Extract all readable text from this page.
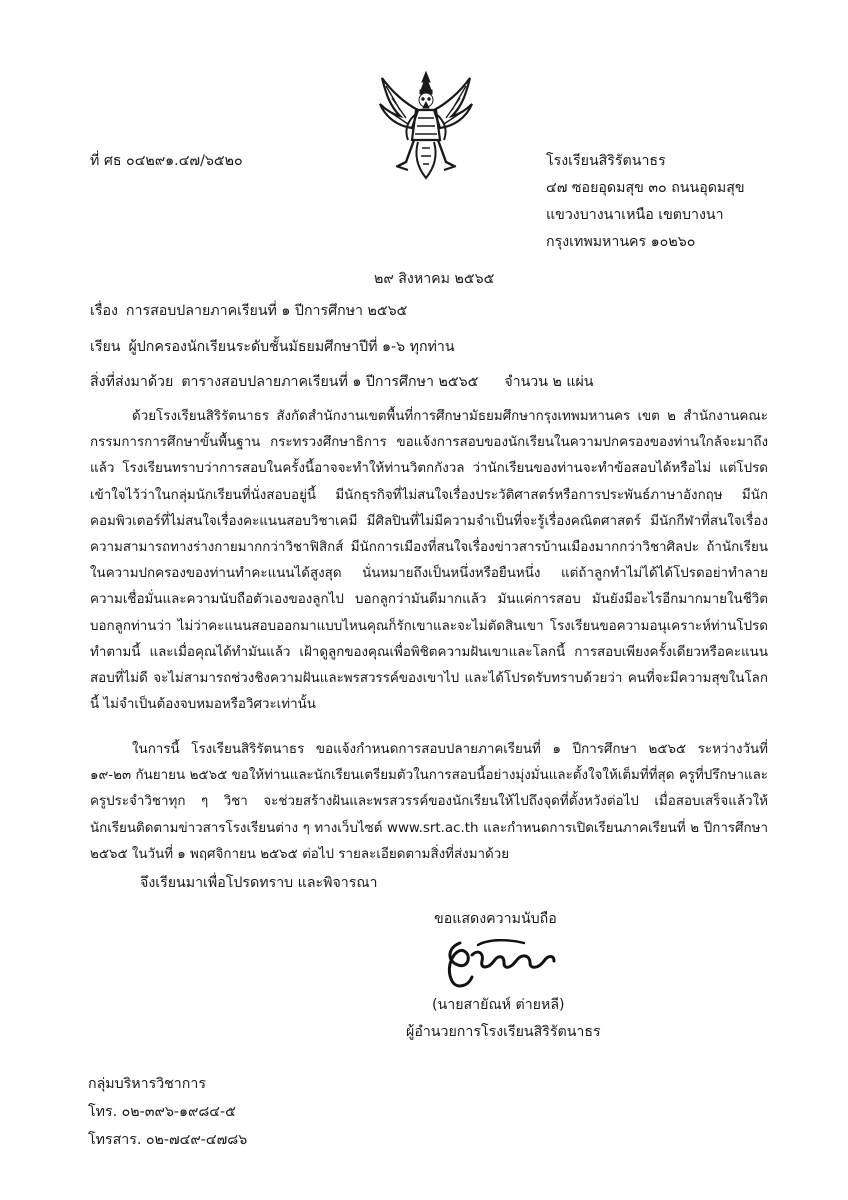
ที่ ศธ ๐๔๒๙๑.๔๗/๖๕๒๐	โรงเรียนสิริรัตนาธร
๔๗ ซอยอุดมสุข ๓๐ ถนนอุดมสุข
แขวงบางนาเหนือ เขตบางนา
กรุงเทพมหานคร ๑๐๒๖๐
๒๙ สิงหาคม ๒๕๖๕
เรื่อง การสอบปลายภาคเรียนที่ ๑ ปีการศึกษา ๒๕๖๕
เรียน ผู้ปกครองนักเรียนระดับชั้นมัธยมศึกษาปีที่ ๑-๖ ทุกท่าน
สิ่งที่ส่งมาด้วย ตารางสอบปลายภาคเรียนที่ ๑ ปีการศึกษา ๒๕๖๕ จำนวน ๒ แผ่น
ด้วยโรงเรียนสิริรัตนาธร สังกัดสำนักงานเขตพื้นที่การศึกษามัธยมศึกษากรุงเทพมหานคร เขต ๒ สำนักงานคณะกรรมการการศึกษาขั้นพื้นฐาน กระทรวงศึกษาธิการ ขอแจ้งการสอบของนักเรียนในความปกครองของท่านใกล้จะมาถึงแล้ว โรงเรียนทราบว่าการสอบในครั้งนี้อาจจะทำให้ท่านวิตกกังวล ว่านักเรียนของท่านจะทำข้อสอบได้หรือไม่ แต่โปรดเข้าใจไว้ว่าในกลุ่มนักเรียนที่นั่งสอบอยู่นี้ มีนักธุรกิจที่ไม่สนใจเรื่องประวัติศาสตร์หรือการประพันธ์ภาษาอังกฤษ มีนักคอมพิวเตอร์ที่ไม่สนใจเรื่องคะแนนสอบวิชาเคมี มีศิลปินที่ไม่มีความจำเป็นที่จะรู้เรื่องคณิตศาสตร์ มีนักกีฬาที่สนใจเรื่องความสามารถทางร่างกายมากกว่าวิชาฟิสิกส์ มีนักการเมืองที่สนใจเรื่องข่าวสารบ้านเมืองมากกว่าวิชาศิลปะ ถ้านักเรียนในความปกครองของท่านทำคะแนนได้สูงสุด นั่นหมายถึงเป็นหนึ่งหรือยืนหนึ่ง แต่ถ้าลูกทำไม่ได้ได้โปรดอย่าทำลายความเชื่อมั่นและความนับถือตัวเองของลูกไป บอกลูกว่ามันดีมากแล้ว มันแค่การสอบ มันยังมีอะไรอีกมากมายในชีวิต บอกลูกท่านว่า ไม่ว่าคะแนนสอบออกมาแบบไหนคุณก็รักเขาและจะไม่ตัดสินเขา โรงเรียนขอความอนุเคราะห์ท่านโปรดทำตามนี้ และเมื่อคุณได้ทำมันแล้ว เฝ้าดูลูกของคุณเพื่อพิชิตความฝันเขาและโลกนี้ การสอบเพียงครั้งเดียวหรือคะแนนสอบที่ไม่ดี จะไม่สามารถช่วงชิงความฝันและพรสวรรค์ของเขาไป และได้โปรดรับทราบด้วยว่า คนที่จะมีความสุขในโลกนี้ ไม่จำเป็นต้องจบหมอหรือวิศวะเท่านั้น
ในการนี้ โรงเรียนสิริรัตนาธร ขอแจ้งกำหนดการสอบปลายภาคเรียนที่ ๑ ปีการศึกษา ๒๕๖๕ ระหว่างวันที่ ๑๙-๒๓ กันยายน ๒๕๖๕ ขอให้ท่านและนักเรียนเตรียมตัวในการสอบนี้อย่างมุ่งมั่นและตั้งใจให้เต็มที่ที่สุด ครูที่ปรึกษาและครูประจำวิชาทุก ๆ วิชา จะช่วยสร้างฝันและพรสวรรค์ของนักเรียนให้ไปถึงจุดที่ตั้งหวังต่อไป เมื่อสอบเสร็จแล้วให้นักเรียนติดตามข่าวสารโรงเรียนต่าง ๆ ทางเว็บไซต์ www.srt.ac.th และกำหนดการเปิดเรียนภาคเรียนที่ ๒ ปีการศึกษา ๒๕๖๕ ในวันที่ ๑ พฤศจิกายน ๒๕๖๕ ต่อไป รายละเอียดตามสิ่งที่ส่งมาด้วย
จึงเรียนมาเพื่อโปรดทราบ และพิจารณา
ขอแสดงความนับถือ
(นายสายัณห์ ต่ายหลี)
ผู้อำนวยการโรงเรียนสิริรัตนาธร
กลุ่มบริหารวิชาการ
โทร. ๐๒-๓๙๖-๑๙๘๔-๕
โทรสาร. ๐๒-๗๔๙-๔๗๘๖
